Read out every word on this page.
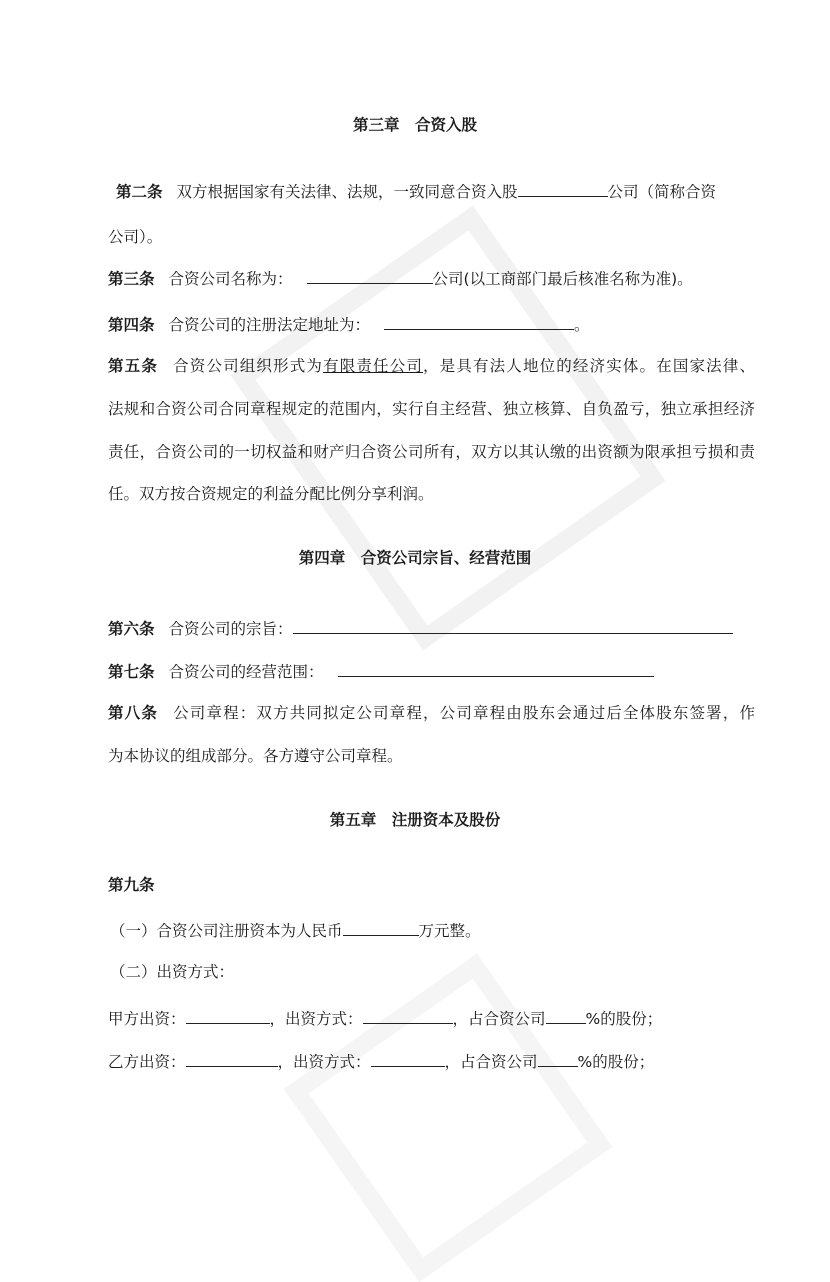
第三章　合资入股
第二条 双方根据国家有关法律、法规，一致同意合资入股	公司（简称合资
公司）。
第三条 合资公司名称为：	公司(以工商部门最后核准名称为准)。
第四条 合资公司的注册法定地址为：	。
第五条 合资公司组织形式为有限责任公司，是具有法人地位的经济实体。在国家法律、
法规和合资公司合同章程规定的范围内，实行自主经营、独立核算、自负盈亏，独立承担经济
责任，合资公司的一切权益和财产归合资公司所有，双方以其认缴的出资额为限承担亏损和责
任。双方按合资规定的利益分配比例分享利润。
第四章　合资公司宗旨、经营范围
第六条 合资公司的宗旨：
第七条 合资公司的经营范围：
第八条 公司章程：双方共同拟定公司章程，公司章程由股东会通过后全体股东签署，作
为本协议的组成部分。各方遵守公司章程。
第五章　注册资本及股份
第九条
（一）合资公司注册资本为人民币	万元整。
（二）出资方式：
甲方出资：	，出资方式：	，占合资公司	%的股份；
乙方出资：	，出资方式：	，占合资公司	%的股份；
